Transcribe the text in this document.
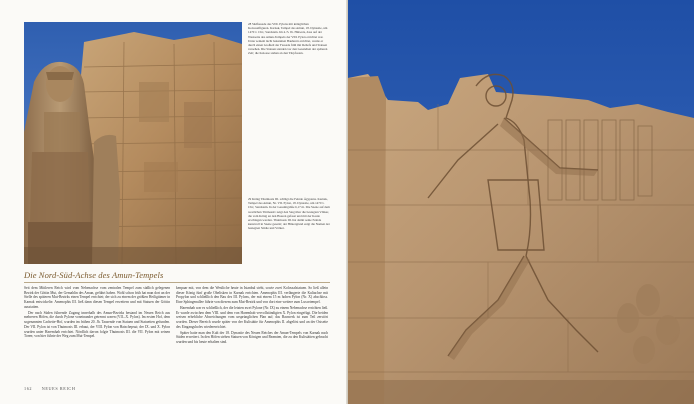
28 Südfassade des VIII. Pylons mit königlichen Kolossalfiguren. Karnak, Tempel des Amun, 18. Dynastie, um 1470 v. Chr.; Sandstein. Im 4./5. Jh. Hinweis, dass auf der Westseite des Amun-Tempels der VIII. Pylon errichtet war. Unter seinem nicht bekannten Bauherrn errichtet, wurde er durch einen Großteil der Fassade früh mit Reliefs und Statuen versehen. Die Statuen standen vor den Gesandten der späteren Zeit; die Kolosse stehen an den Türpfosten.

29 König Thutmosis III. schlägt die Feinde Ägyptens. Karnak, Tempel des Amun, Nr. VII. Pylon, 18. Dynastie, um 1470 v. Chr.; Sandstein. In der Gesamtgröße 6,17 m. Die Szene auf dem westlichen Türmassiv zeigt den Sieg über die besiegten Völker, die vom König an den Haaren gefasst und mit der Keule erschlagen werden. Thutmosis III. hat damit seine Feinde kunstvoll in Szene gesetzt; der Hintergrund zeigt die Namen der besiegten Städte und Völker.

Die Nord-Süd-Achse des Amun-Tempels

Seit dem Mittleren Reich wird vom Nebenachse vom zentralen Tempel zum südlich gelegenen Bezirk der Göttin Mut, der Gemahlin des Amun, geführt haben. Wohl schon früh hat man dort an der Stelle des späteren Mut-Bezirks einen Tempel errichtet; der sich zu einem der größten Heiligtümer in Karnak entwickelte. Amenophis III. ließ dann diesen Tempel erweitern und mit Statuen der Göttin ausstatten.

Der nach Süden führende Zugang innerhalb des Amun-Bezirks bestand im Neuen Reich aus mehreren Höfen, die durch Pylone voneinander getrennt waren (VII.–X. Pylon). Im ersten Hof, dem sogenannten Cachette-Hof, wurden im frühen 20. Jh. Tausende von Statuen und Statuetten gefunden. Der VII. Pylon ist von Thutmosis III. erbaut, der VIII. Pylon von Hatschepsut; der IX. und X. Pylon wurden unter Haremhab errichtet. Nördlich davon folgte Thutmosis III. die VII. Pylon mit seinen Toren; von hier führte der Weg zum Mut-Tempel.

kenpaar mit, von dem die Westliche heute in Istanbul steht, sowie zwei Kolossalstatuen. So ließ allein dieser König fünf große Obelisken in Karnak errichten. Amenophis III. verlängerte die Kultachse mit Propylon und schließlich den Bau des III. Pylons, der mit einem 15 m hohen Pylon (Nr. X) abschloss. Eine Sphingenallee führte von diesem zum Mut-Bezirk und von dort eine weitere zum Luxortempel.

Haremhab war es schließlich, der die letzten zwei Pylone (Nr. IX) zu einem Nebenachse errichten ließ. Er wurde zwischen dem VIII. und dem von Haremhab vervollständigten X. Pylon eingefügt. Die beiden weisen erhebliche Abweichungen vom ursprünglichen Plan auf; das Bauwerk ist zum Teil zerstört worden. Dieser Bereich wurde später von der Kultstätte für Amenophis II. abgelöst und an der Ostseite des Eingangshofes wiedererrichtet.

Später hatte man den Kult der 18. Dynastie des Neuen Reiches der Amun-Tempels von Karnak nach Süden erweitert. In den Höfen stehen Statuen von Königen und Beamten, die zu den Kultstätten gebracht wurden und bis heute erhalten sind.

162 NEUES REICH
